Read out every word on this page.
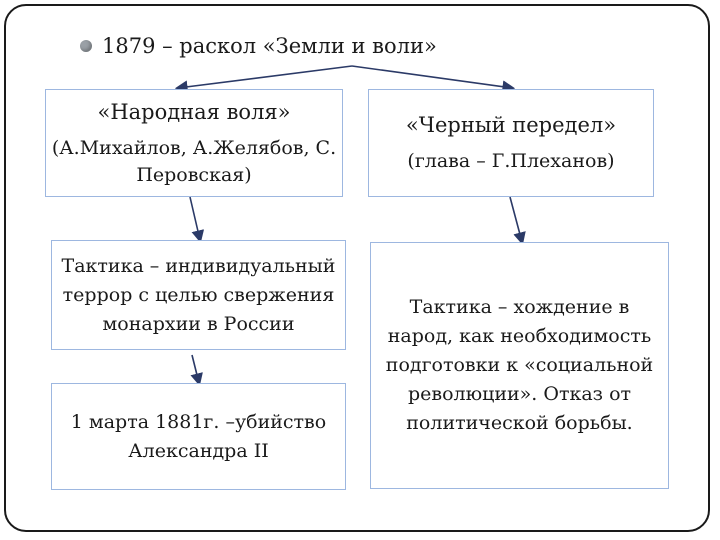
1879 – раскол «Земли и воли»
«Народная воля»
(А.Михайлов, А.Желябов, С. Перовская)
«Черный передел»
(глава – Г.Плеханов)
Тактика – индивидуальный террор с целью свержения монархии в России
Тактика – хождение в народ, как необходимость подготовки к «социальной революции». Отказ от политической борьбы.
1 марта 1881г. –убийство Александра II
